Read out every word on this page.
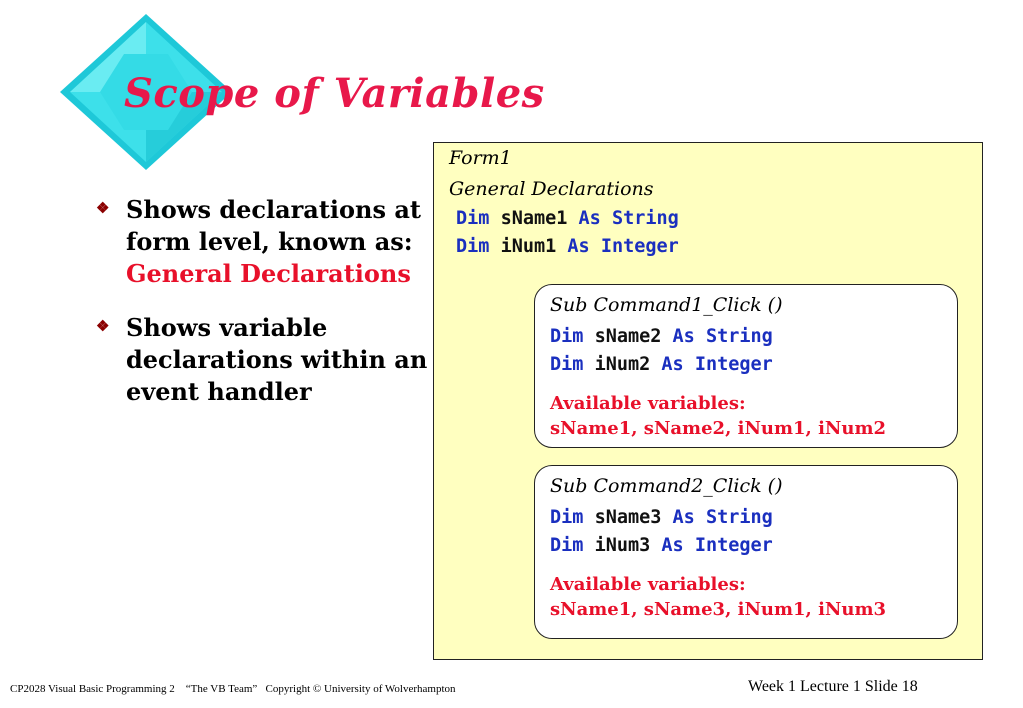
Scope of Variables
❖ Shows declarations at form level, known as:
General Declarations
❖ Shows variable declarations within an event handler
Form1
General Declarations
Dim sName1 As String
Dim iNum1 As Integer
Sub Command1_Click ()
Dim sName2 As String
Dim iNum2 As Integer
Available variables:
sName1, sName2, iNum1, iNum2
Sub Command2_Click ()
Dim sName3 As String
Dim iNum3 As Integer
Available variables:
sName1, sName3, iNum1, iNum3
CP2028 Visual Basic Programming 2 “The VB Team” Copyright © University of Wolverhampton	Week 1 Lecture 1 Slide 18
